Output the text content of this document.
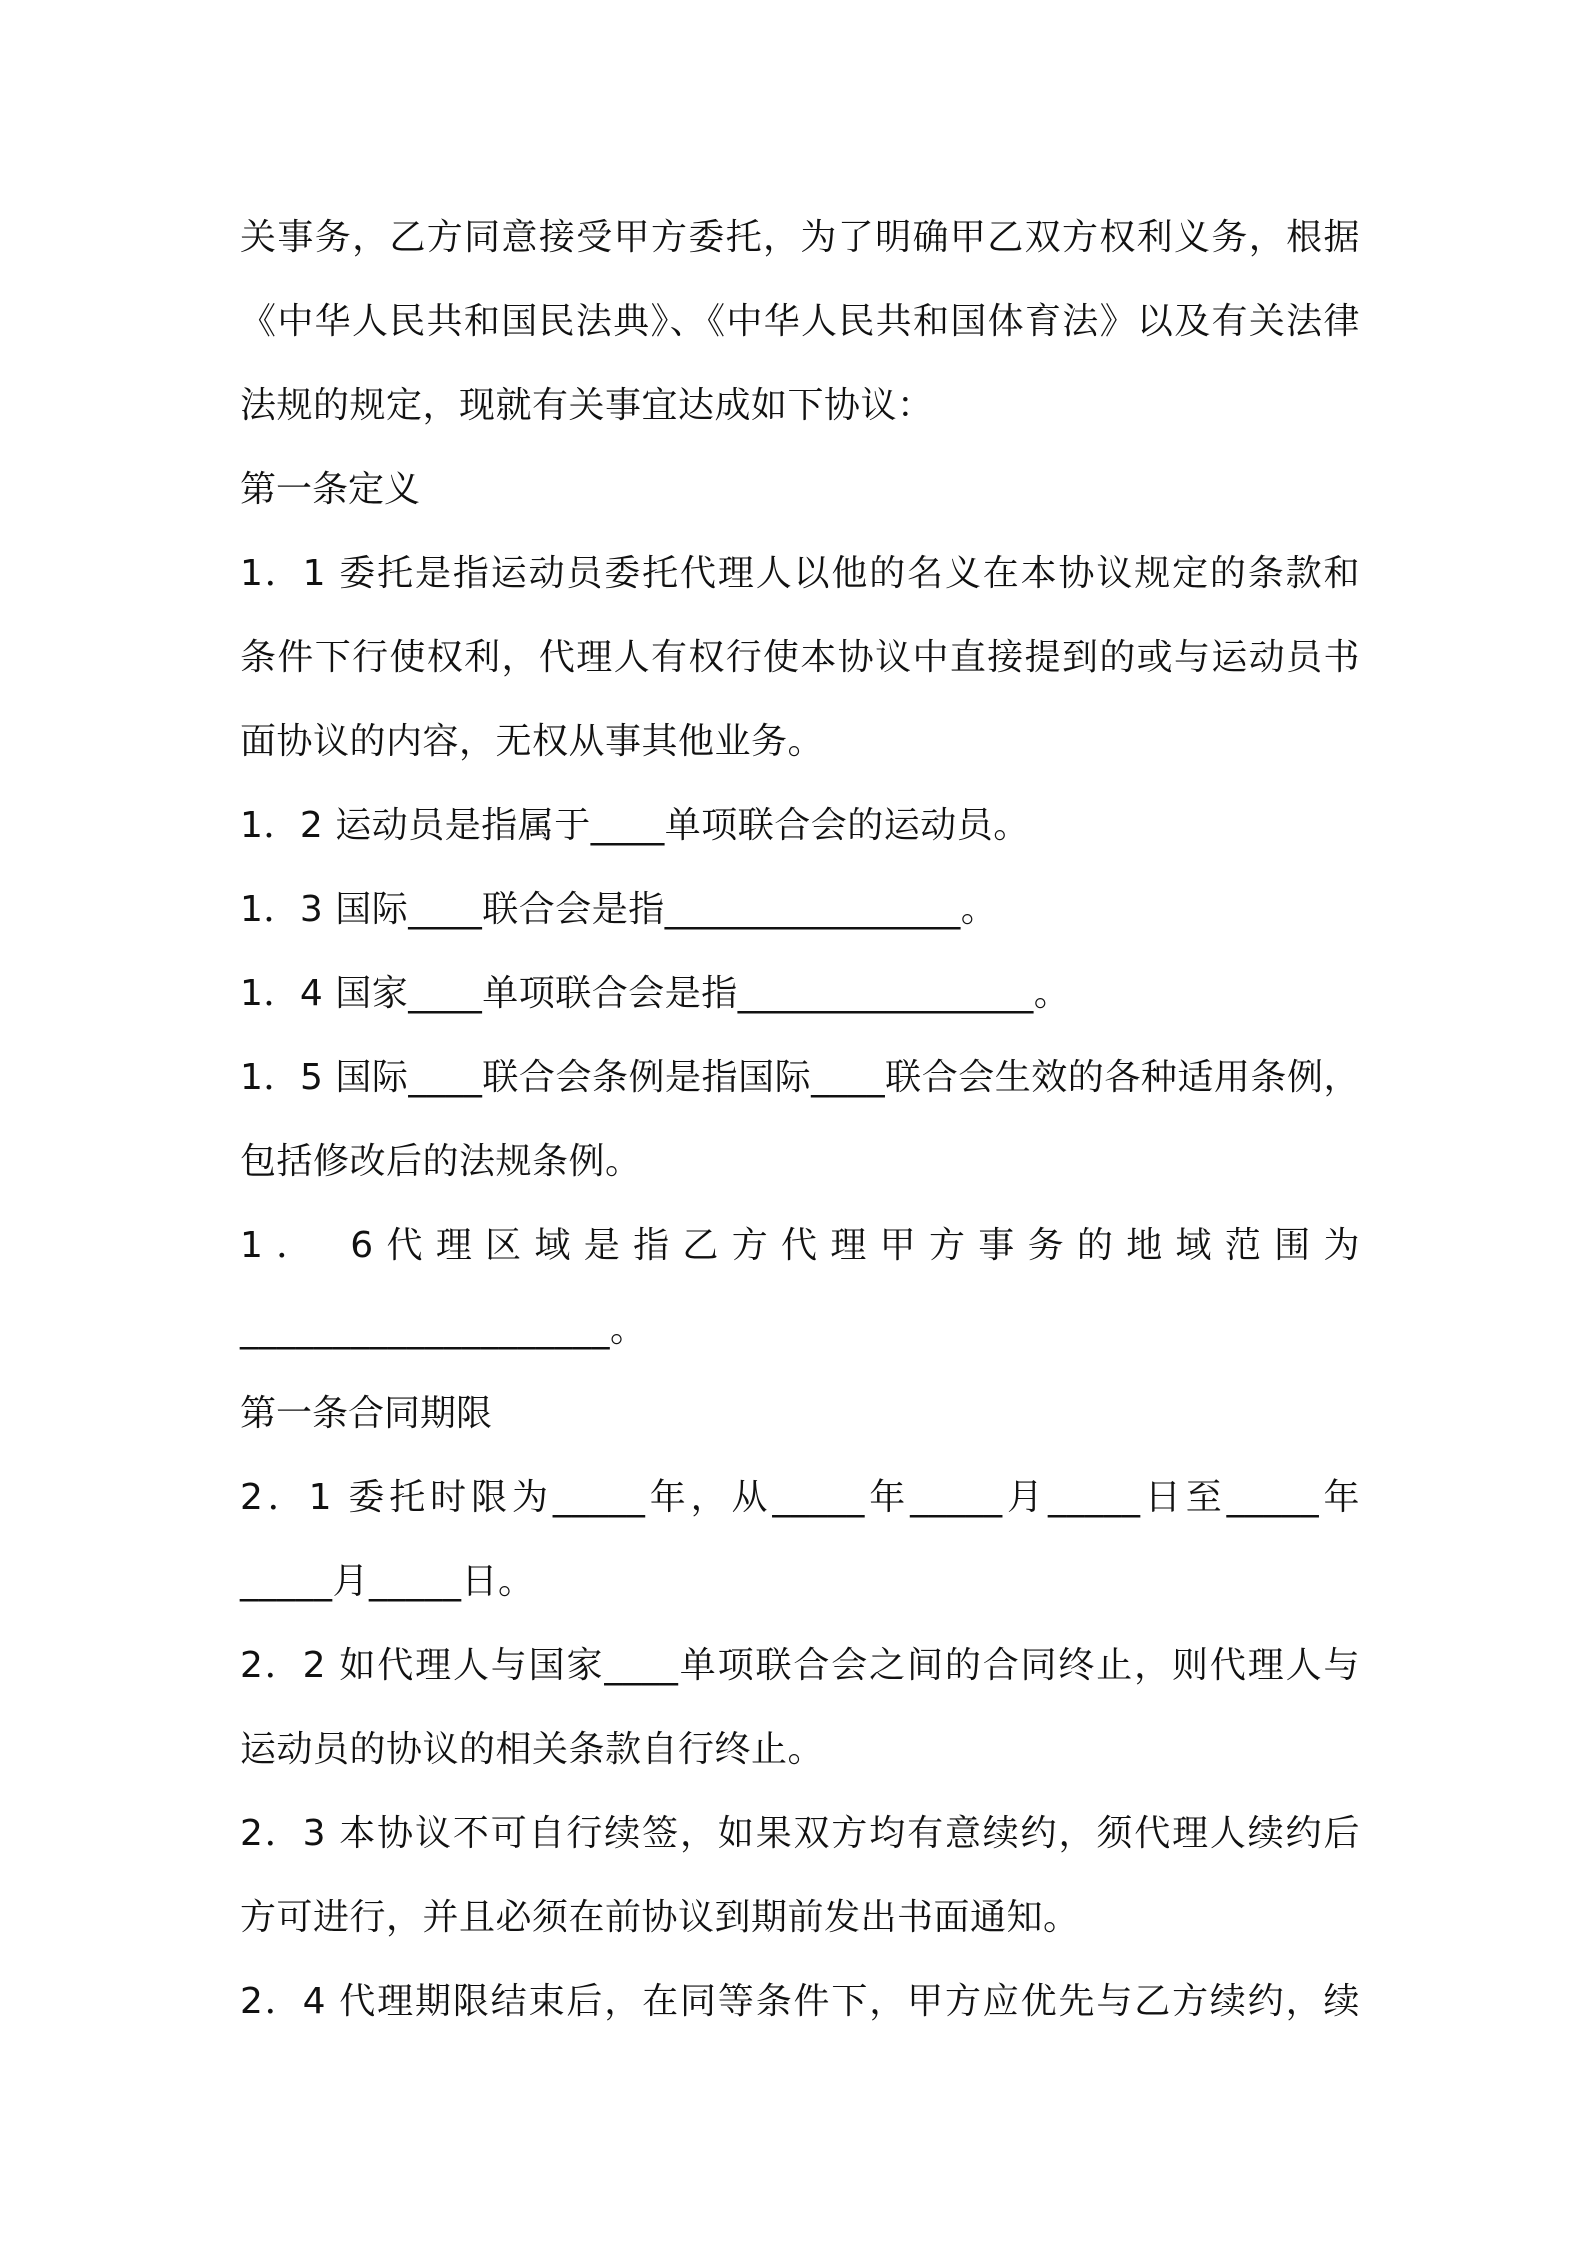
关事务，乙方同意接受甲方委托，为了明确甲乙双方权利义务，根据
《中华人民共和国民法典》、《中华人民共和国体育法》以及有关法律
法规的规定，现就有关事宜达成如下协议：
第一条定义
1．1 委托是指运动员委托代理人以他的名义在本协议规定的条款和
条件下行使权利，代理人有权行使本协议中直接提到的或与运动员书
面协议的内容，无权从事其他业务。
1．2 运动员是指属于____单项联合会的运动员。
1．3 国际____联合会是指________________。
1．4 国家____单项联合会是指________________。
1．5 国际____联合会条例是指国际____联合会生效的各种适用条例，
包括修改后的法规条例。
1． 6代理区域是指乙方代理甲方事务的地域范围为
____________________。
第一条合同期限
2．1 委托时限为_____年，从_____年_____月_____日至_____年
_____月_____日。
2．2 如代理人与国家____单项联合会之间的合同终止，则代理人与
运动员的协议的相关条款自行终止。
2．3 本协议不可自行续签，如果双方均有意续约，须代理人续约后
方可进行，并且必须在前协议到期前发出书面通知。
2．4 代理期限结束后，在同等条件下，甲方应优先与乙方续约，续
